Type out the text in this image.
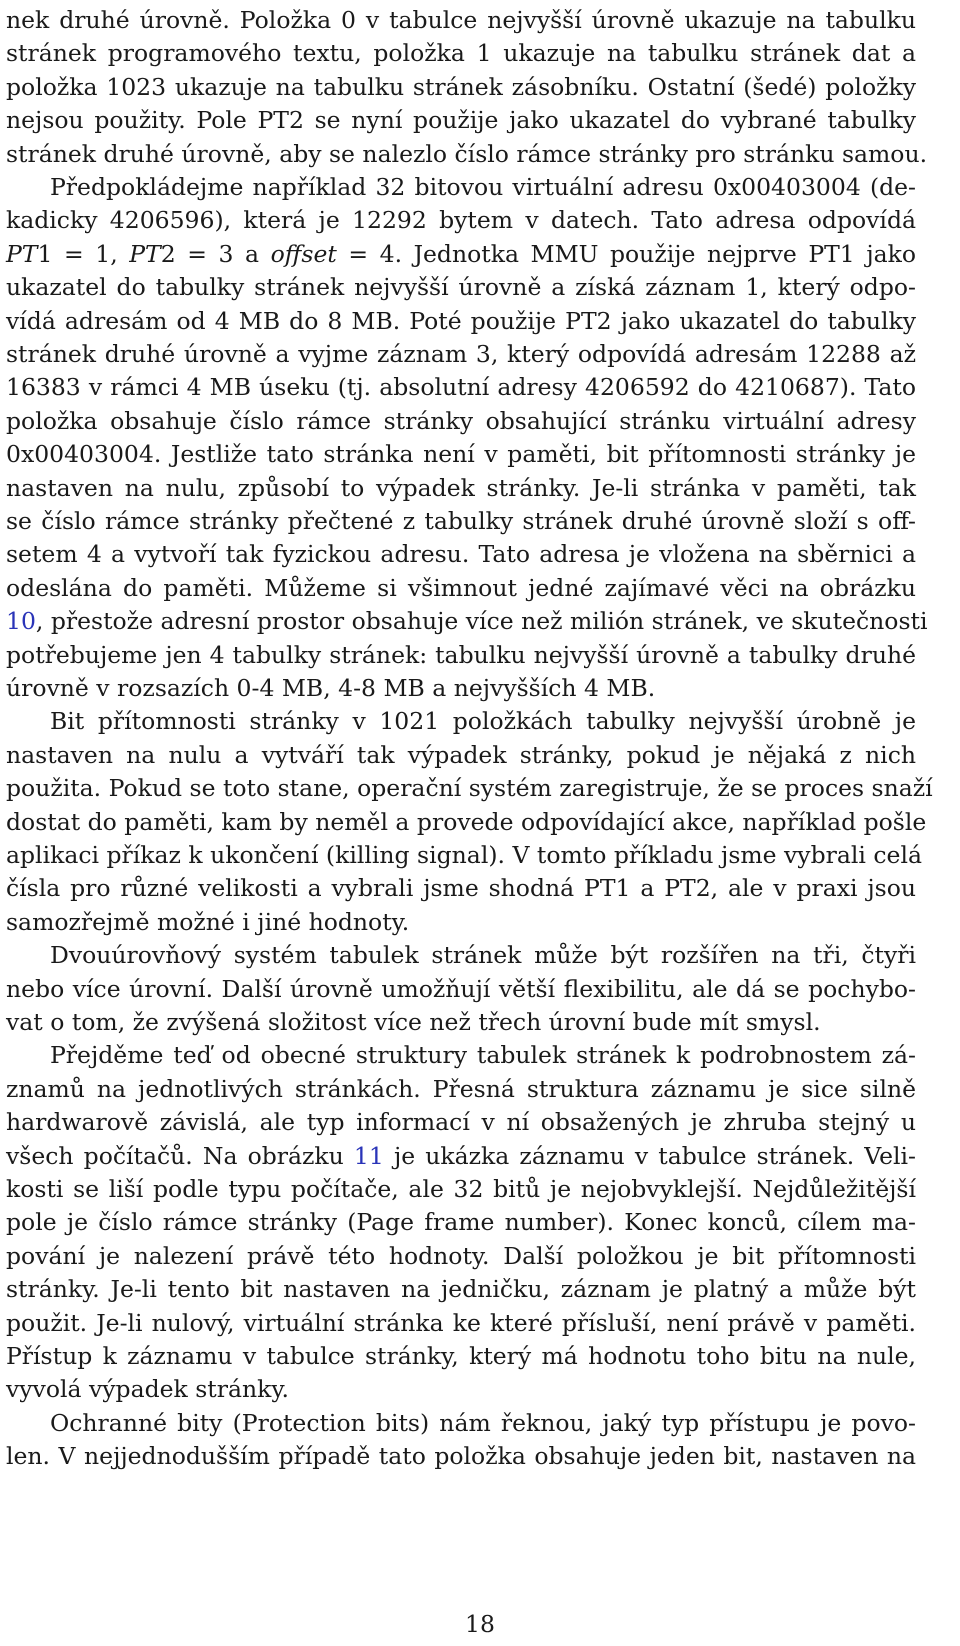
nek druhé úrovně. Položka 0 v tabulce nejvyšší úrovně ukazuje na tabulku
stránek programového textu, položka 1 ukazuje na tabulku stránek dat a
položka 1023 ukazuje na tabulku stránek zásobníku. Ostatní (šedé) položky
nejsou použity. Pole PT2 se nyní použije jako ukazatel do vybrané tabulky
stránek druhé úrovně, aby se nalezlo číslo rámce stránky pro stránku samou.
Předpokládejme například 32 bitovou virtuální adresu 0x00403004 (de-
kadicky 4206596), která je 12292 bytem v datech. Tato adresa odpovídá
PT1 = 1, PT2 = 3 a offset = 4. Jednotka MMU použije nejprve PT1 jako
ukazatel do tabulky stránek nejvyšší úrovně a získá záznam 1, který odpo-
vídá adresám od 4 MB do 8 MB. Poté použije PT2 jako ukazatel do tabulky
stránek druhé úrovně a vyjme záznam 3, který odpovídá adresám 12288 až
16383 v rámci 4 MB úseku (tj. absolutní adresy 4206592 do 4210687). Tato
položka obsahuje číslo rámce stránky obsahující stránku virtuální adresy
0x00403004. Jestliže tato stránka není v paměti, bit přítomnosti stránky je
nastaven na nulu, způsobí to výpadek stránky. Je-li stránka v paměti, tak
se číslo rámce stránky přečtené z tabulky stránek druhé úrovně složí s off-
setem 4 a vytvoří tak fyzickou adresu. Tato adresa je vložena na sběrnici a
odeslána do paměti. Můžeme si všimnout jedné zajímavé věci na obrázku
10, přestože adresní prostor obsahuje více než milión stránek, ve skutečnosti
potřebujeme jen 4 tabulky stránek: tabulku nejvyšší úrovně a tabulky druhé
úrovně v rozsazích 0-4 MB, 4-8 MB a nejvyšších 4 MB.
Bit přítomnosti stránky v 1021 položkách tabulky nejvyšší úrobně je
nastaven na nulu a vytváří tak výpadek stránky, pokud je nějaká z nich
použita. Pokud se toto stane, operační systém zaregistruje, že se proces snaží
dostat do paměti, kam by neměl a provede odpovídající akce, například pošle
aplikaci příkaz k ukončení (killing signal). V tomto příkladu jsme vybrali celá
čísla pro různé velikosti a vybrali jsme shodná PT1 a PT2, ale v praxi jsou
samozřejmě možné i jiné hodnoty.
Dvouúrovňový systém tabulek stránek může být rozšířen na tři, čtyři
nebo více úrovní. Další úrovně umožňují větší flexibilitu, ale dá se pochybo-
vat o tom, že zvýšená složitost více než třech úrovní bude mít smysl.
Přejděme teď od obecné struktury tabulek stránek k podrobnostem zá-
znamů na jednotlivých stránkách. Přesná struktura záznamu je sice silně
hardwarově závislá, ale typ informací v ní obsažených je zhruba stejný u
všech počítačů. Na obrázku 11 je ukázka záznamu v tabulce stránek. Veli-
kosti se liší podle typu počítače, ale 32 bitů je nejobvyklejší. Nejdůležitější
pole je číslo rámce stránky (Page frame number). Konec konců, cílem ma-
pování je nalezení právě této hodnoty. Další položkou je bit přítomnosti
stránky. Je-li tento bit nastaven na jedničku, záznam je platný a může být
použit. Je-li nulový, virtuální stránka ke které přísluší, není právě v paměti.
Přístup k záznamu v tabulce stránky, který má hodnotu toho bitu na nule,
vyvolá výpadek stránky.
Ochranné bity (Protection bits) nám řeknou, jaký typ přístupu je povo-
len. V nejjednodušším případě tato položka obsahuje jeden bit, nastaven na
18
